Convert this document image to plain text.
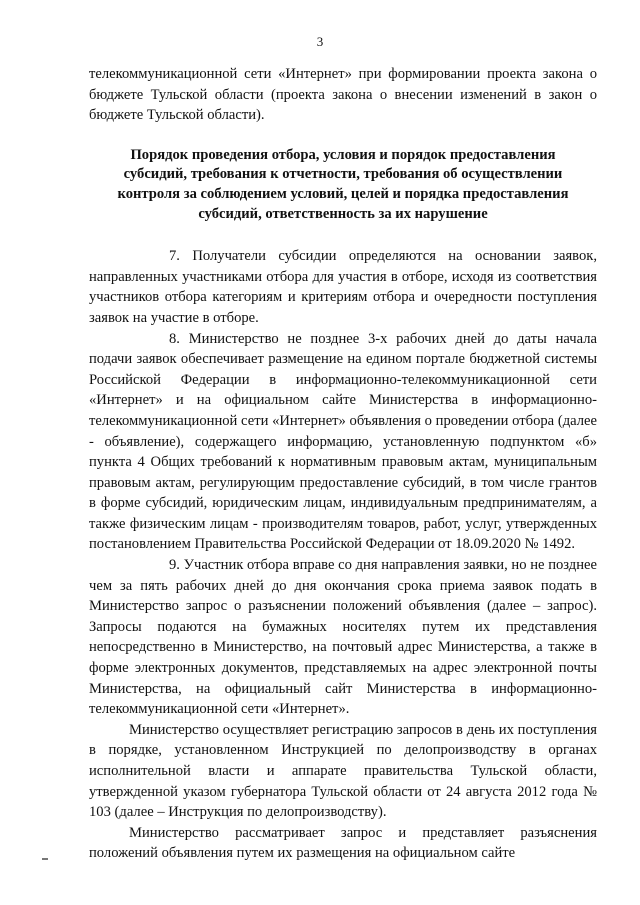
3

телекоммуникационной сети «Интернет» при формировании проекта закона о бюджете Тульской области (проекта закона о внесении изменений в закон о бюджете Тульской области).

Порядок проведения отбора, условия и порядок предоставления субсидий, требования к отчетности, требования об осуществлении контроля за соблюдением условий, целей и порядка предоставления субсидий, ответственность за их нарушение

7. Получатели субсидии определяются на основании заявок, направленных участниками отбора для участия в отборе, исходя из соответствия участников отбора категориям и критериям отбора и очередности поступления заявок на участие в отборе.

8. Министерство не позднее 3-х рабочих дней до даты начала подачи заявок обеспечивает размещение на едином портале бюджетной системы Российской Федерации в информационно-телекоммуникационной сети «Интернет» и на официальном сайте Министерства в информационно-телекоммуникационной сети «Интернет» объявления о проведении отбора (далее - объявление), содержащего информацию, установленную подпунктом «б» пункта 4 Общих требований к нормативным правовым актам, муниципальным правовым актам, регулирующим предоставление субсидий, в том числе грантов в форме субсидий, юридическим лицам, индивидуальным предпринимателям, а также физическим лицам - производителям товаров, работ, услуг, утвержденных постановлением Правительства Российской Федерации от 18.09.2020 № 1492.

9. Участник отбора вправе со дня направления заявки, но не позднее чем за пять рабочих дней до дня окончания срока приема заявок подать в Министерство запрос о разъяснении положений объявления (далее – запрос). Запросы подаются на бумажных носителях путем их представления непосредственно в Министерство, на почтовый адрес Министерства, а также в форме электронных документов, представляемых на адрес электронной почты Министерства, на официальный сайт Министерства в информационно-телекоммуникационной сети «Интернет».

Министерство осуществляет регистрацию запросов в день их поступления в порядке, установленном Инструкцией по делопроизводству в органах исполнительной власти и аппарате правительства Тульской области, утвержденной указом губернатора Тульской области от 24 августа 2012 года № 103 (далее – Инструкция по делопроизводству).

Министерство рассматривает запрос и представляет разъяснения положений объявления путем их размещения на официальном сайте
